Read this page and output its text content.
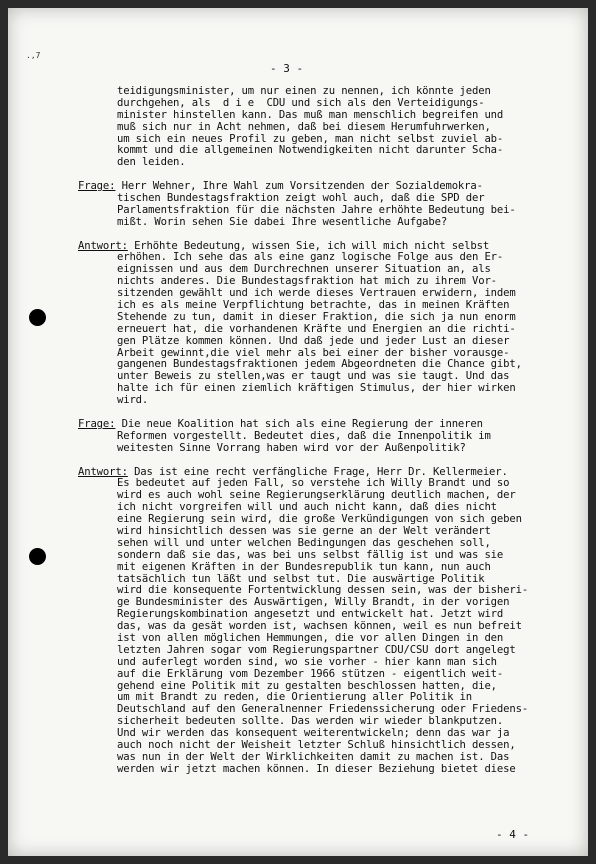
.,7
- 3 -
teidigungsminister, um nur einen zu nennen, ich könnte jeden
durchgehen, als  d i e  CDU und sich als den Verteidigungs-
minister hinstellen kann. Das muß man menschlich begreifen und
muß sich nur in Acht nehmen, daß bei diesem Herumfuhrwerken,
um sich ein neues Profil zu geben, man nicht selbst zuviel ab-
kommt und die allgemeinen Notwendigkeiten nicht darunter Scha-
den leiden.
Frage: Herr Wehner, Ihre Wahl zum Vorsitzenden der Sozialdemokra-
tischen Bundestagsfraktion zeigt wohl auch, daß die SPD der
Parlamentsfraktion für die nächsten Jahre erhöhte Bedeutung bei-
mißt. Worin sehen Sie dabei Ihre wesentliche Aufgabe?
Antwort: Erhöhte Bedeutung, wissen Sie, ich will mich nicht selbst
erhöhen. Ich sehe das als eine ganz logische Folge aus den Er-
eignissen und aus dem Durchrechnen unserer Situation an, als
nichts anderes. Die Bundestagsfraktion hat mich zu ihrem Vor-
sitzenden gewählt und ich werde dieses Vertrauen erwidern, indem
ich es als meine Verpflichtung betrachte, das in meinen Kräften
Stehende zu tun, damit in dieser Fraktion, die sich ja nun enorm
erneuert hat, die vorhandenen Kräfte und Energien an die richti-
gen Plätze kommen können. Und daß jede und jeder Lust an dieser
Arbeit gewinnt,die viel mehr als bei einer der bisher vorausge-
gangenen Bundestagsfraktionen jedem Abgeordneten die Chance gibt,
unter Beweis zu stellen,was er taugt und was sie taugt. Und das
halte ich für einen ziemlich kräftigen Stimulus, der hier wirken
wird.
Frage: Die neue Koalition hat sich als eine Regierung der inneren
Reformen vorgestellt. Bedeutet dies, daß die Innenpolitik im
weitesten Sinne Vorrang haben wird vor der Außenpolitik?
Antwort: Das ist eine recht verfängliche Frage, Herr Dr. Kellermeier.
Es bedeutet auf jeden Fall, so verstehe ich Willy Brandt und so
wird es auch wohl seine Regierungserklärung deutlich machen, der
ich nicht vorgreifen will und auch nicht kann, daß dies nicht
eine Regierung sein wird, die große Verkündigungen von sich geben
wird hinsichtlich dessen was sie gerne an der Welt verändert
sehen will und unter welchen Bedingungen das geschehen soll,
sondern daß sie das, was bei uns selbst fällig ist und was sie
mit eigenen Kräften in der Bundesrepublik tun kann, nun auch
tatsächlich tun läßt und selbst tut. Die auswärtige Politik
wird die konsequente Fortentwicklung dessen sein, was der bisheri-
ge Bundesminister des Auswärtigen, Willy Brandt, in der vorigen
Regierungskombination angesetzt und entwickelt hat. Jetzt wird
das, was da gesät worden ist, wachsen können, weil es nun befreit
ist von allen möglichen Hemmungen, die vor allen Dingen in den
letzten Jahren sogar vom Regierungspartner CDU/CSU dort angelegt
und auferlegt worden sind, wo sie vorher - hier kann man sich
auf die Erklärung vom Dezember 1966 stützen - eigentlich weit-
gehend eine Politik mit zu gestalten beschlossen hatten, die,
um mit Brandt zu reden, die Orientierung aller Politik in
Deutschland auf den Generalnenner Friedenssicherung oder Friedens-
sicherheit bedeuten sollte. Das werden wir wieder blankputzen.
Und wir werden das konsequent weiterentwickeln; denn das war ja
auch noch nicht der Weisheit letzter Schluß hinsichtlich dessen,
was nun in der Welt der Wirklichkeiten damit zu machen ist. Das
werden wir jetzt machen können. In dieser Beziehung bietet diese
- 4 -
